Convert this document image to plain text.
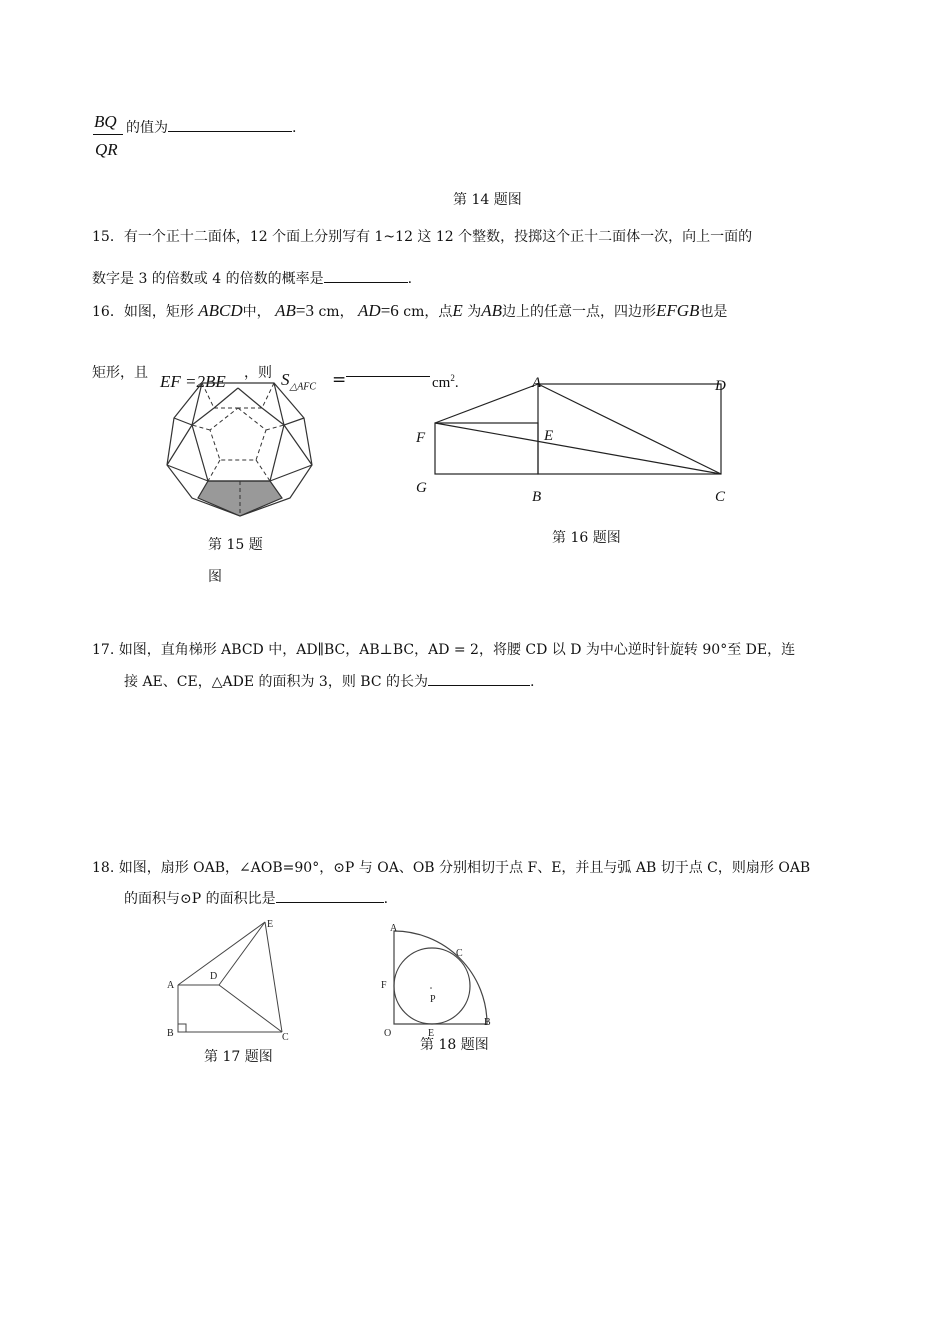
BQ
QR
的值为	.
第 14 题图
15．有一个正十二面体，12 个面上分别写有 1~12 这 12 个整数，投掷这个正十二面体一次，向上一面的
数字是 3 的倍数或 4 的倍数的概率是	.
16．如图，矩形 ABCD中， AB=3 cm， AD=6 cm，点E 为AB边上的任意一点，四边形EFGB也是
矩形，且 EF =2BE ，则 $S_{\triangle AFC}$ =	$cm^2$.
第 15 题
图
A	D
F	E
G
B	C
第 16 题图
17. 如图，直角梯形 ABCD 中，AD∥BC，AB⊥BC，AD = 2，将腰 CD 以 D 为中心逆时针旋转 90°至 DE，连
接 AE、CE，△ADE 的面积为 3，则 BC 的长为	.
18. 如图，扇形 OAB，∠AOB=90°，⊙P 与 OA、OB 分别相切于点 F、E，并且与弧 AB 切于点 C，则扇形 OAB
的面积与⊙P 的面积比是	.
E
D
A
B	C
第 17 题图
A
C
F
P
O	E
B
第 18 题图
